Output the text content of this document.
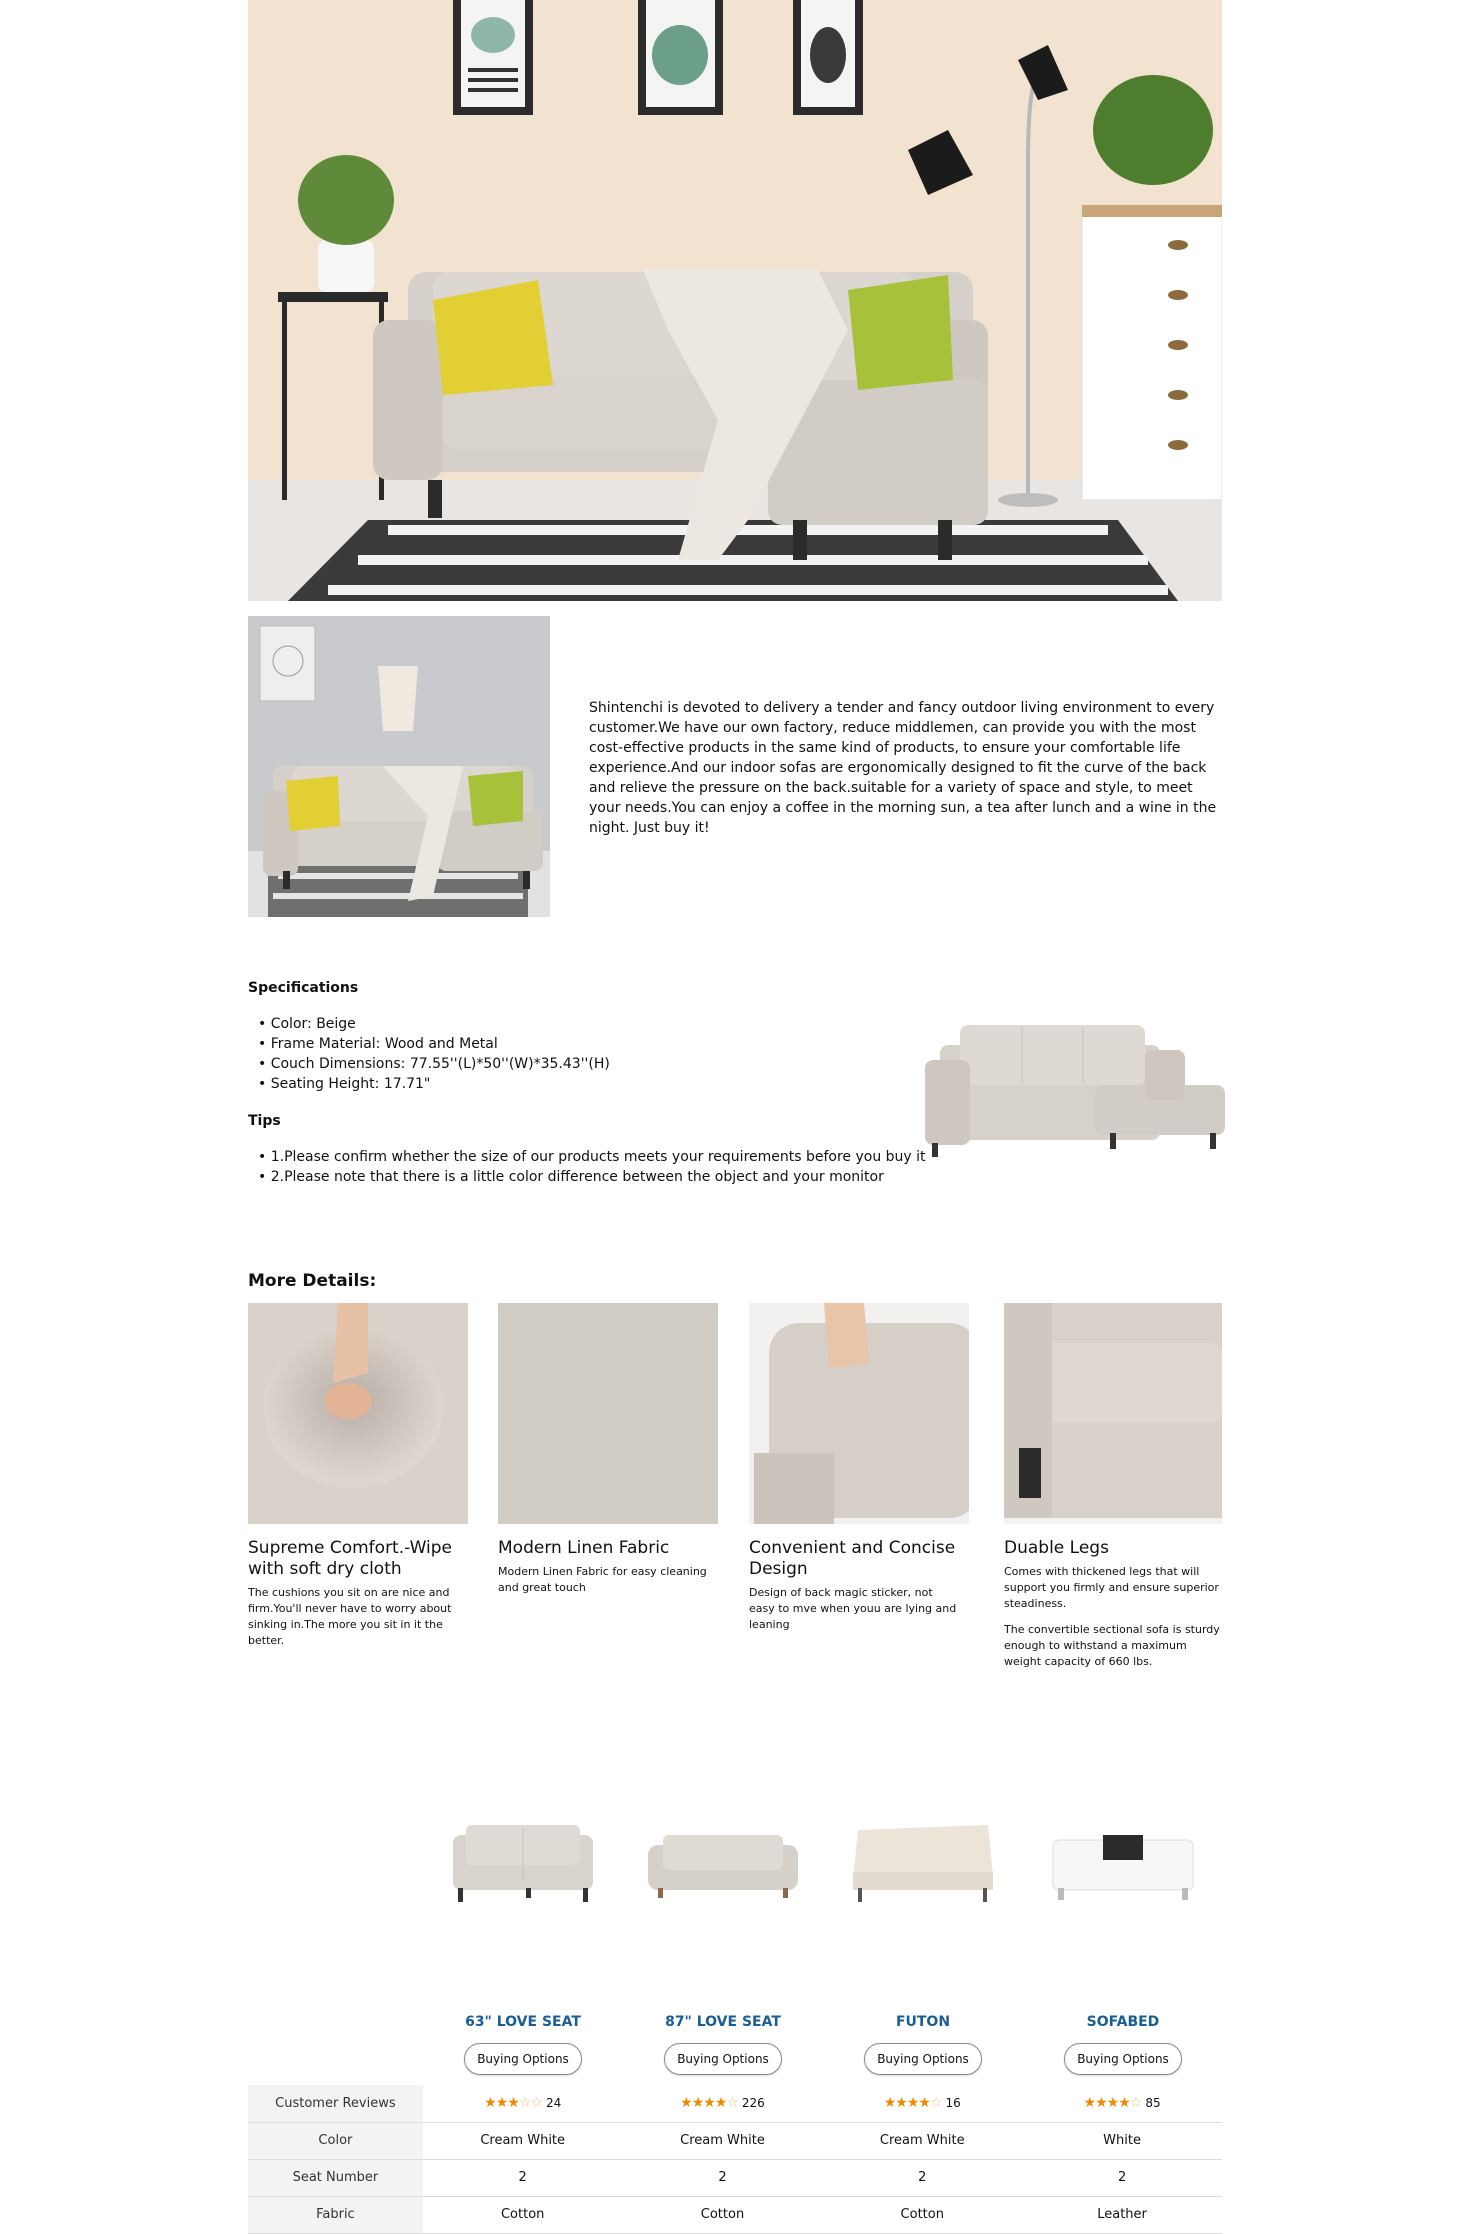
Shintenchi is devoted to delivery a tender and fancy outdoor living environment to every customer.We have our own factory, reduce middlemen, can provide you with the most cost-effective products in the same kind of products, to ensure your comfortable life experience.And our indoor sofas are ergonomically designed to fit the curve of the back and relieve the pressure on the back.suitable for a variety of space and style, to meet your needs.You can enjoy a coffee in the morning sun, a tea after lunch and a wine in the night. Just buy it!
Specifications
• Color: Beige
• Frame Material: Wood and Metal
• Couch Dimensions: 77.55''(L)*50''(W)*35.43''(H)
• Seating Height: 17.71"
Tips
• 1.Please confirm whether the size of our products meets your requirements before you buy it
• 2.Please note that there is a little color difference between the object and your monitor
More Details:
Supreme Comfort.-Wipe with soft dry cloth
The cushions you sit on are nice and firm.You'll never have to worry about sinking in.The more you sit in it the better.
Modern Linen Fabric
Modern Linen Fabric for easy cleaning and great touch
Convenient and Concise Design
Design of back magic sticker, not easy to mve when youu are lying and leaning
Duable Legs
Comes with thickened legs that will support you firmly and ensure superior steadiness.
The convertible sectional sofa is sturdy enough to withstand a maximum weight capacity of 660 lbs.
63" LOVE SEAT	87" LOVE SEAT	FUTON	SOFABED
Buying Options	Buying Options	Buying Options	Buying Options
Customer Reviews	★★★☆☆ 24	★★★★☆ 226	★★★★☆ 16	★★★★☆ 85
Color	Cream White	Cream White	Cream White	White
Seat Number	2	2	2	2
Fabric	Cotton	Cotton	Cotton	Leather
